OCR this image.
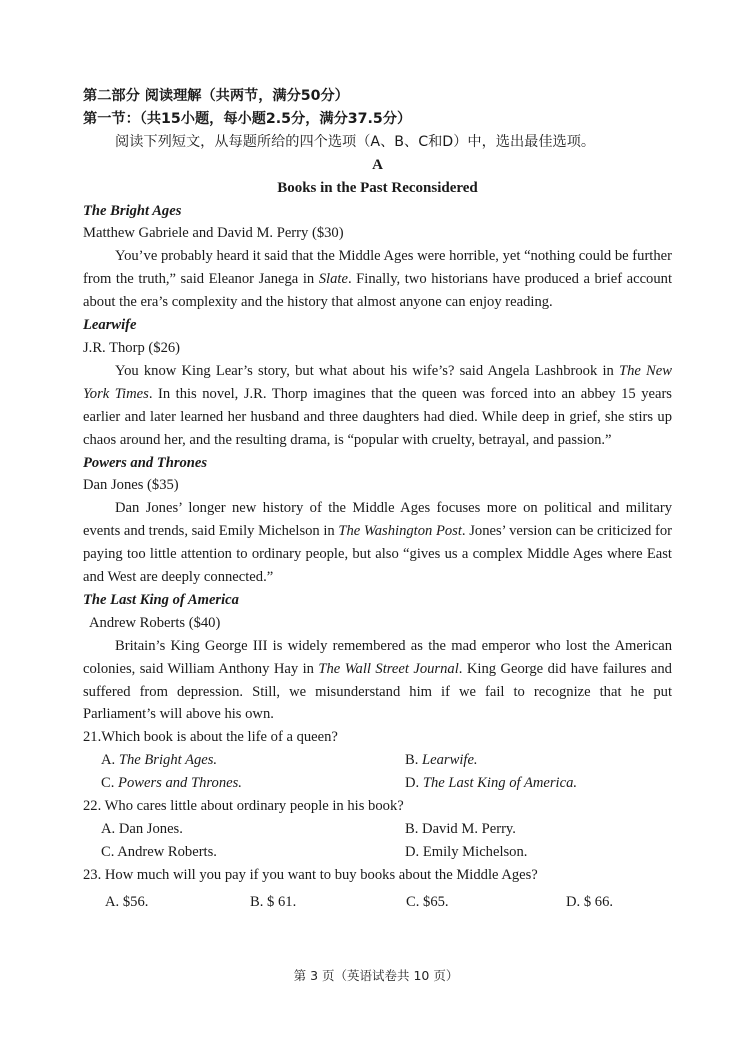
第二部分 阅读理解（共两节，满分50分）
第一节：（共15小题，每小题2.5分，满分37.5分）
阅读下列短文，从每题所给的四个选项（A、B、C和D）中，选出最佳选项。
A
Books in the Past Reconsidered
The Bright Ages
Matthew Gabriele and David M. Perry ($30)

You’ve probably heard it said that the Middle Ages were horrible, yet “nothing could be further from the truth,” said Eleanor Janega in Slate. Finally, two historians have produced a brief account about the era’s complexity and the history that almost anyone can enjoy reading.

Learwife
J.R. Thorp ($26)

You know King Lear’s story, but what about his wife’s? said Angela Lashbrook in The New York Times. In this novel, J.R. Thorp imagines that the queen was forced into an abbey 15 years earlier and later learned her husband and three daughters had died. While deep in grief, she stirs up chaos around her, and the resulting drama, is “popular with cruelty, betrayal, and passion.”

Powers and Thrones
Dan Jones ($35)

Dan Jones’ longer new history of the Middle Ages focuses more on political and military events and trends, said Emily Michelson in The Washington Post. Jones’ version can be criticized for paying too little attention to ordinary people, but also “gives us a complex Middle Ages where East and West are deeply connected.”

The Last King of America
Andrew Roberts ($40)

Britain’s King George III is widely remembered as the mad emperor who lost the American colonies, said William Anthony Hay in The Wall Street Journal. King George did have failures and suffered from depression. Still, we misunderstand him if we fail to recognize that he put Parliament’s will above his own.

21.Which book is about the life of a queen?
A. The Bright Ages.	B. Learwife.
C. Powers and Thrones.	D. The Last King of America.
22. Who cares little about ordinary people in his book?
A. Dan Jones.	B. David M. Perry.
C. Andrew Roberts.	D. Emily Michelson.
23. How much will you pay if you want to buy books about the Middle Ages?
A. $56.	B. $ 61.	C. $65.	D. $ 66.
第 3 页（英语试卷共 10 页）
